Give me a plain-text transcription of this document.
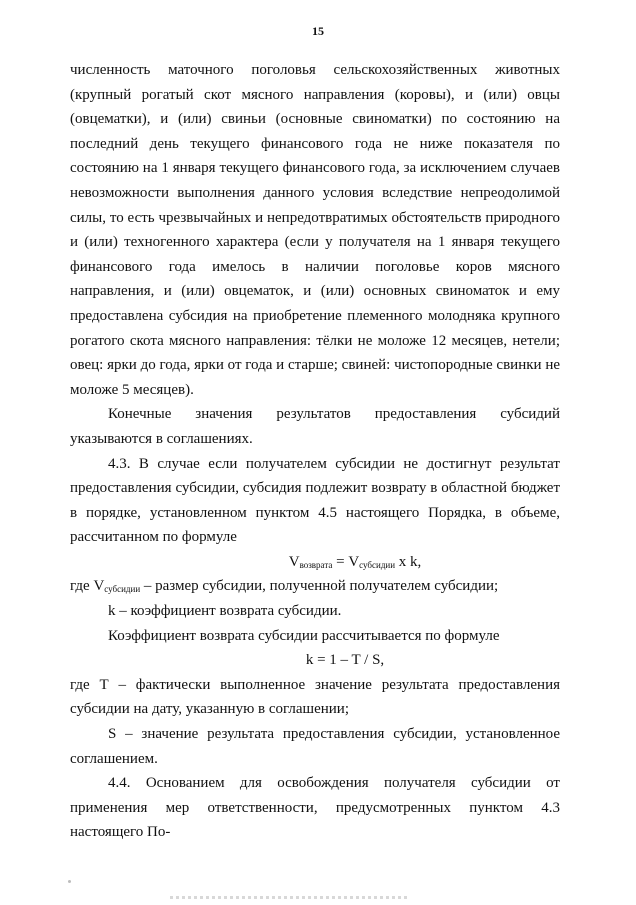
15

численность маточного поголовья сельскохозяйственных животных (крупный рогатый скот мясного направления (коровы), и (или) овцы (овцематки), и (или) свиньи (основные свиноматки) по состоянию на последний день текущего финансового года не ниже показателя по состоянию на 1 января текущего финансового года, за исключением случаев невозможности выполнения данного условия вследствие непреодолимой силы, то есть чрезвычайных и непредотвратимых обстоятельств природного и (или) техногенного характера (если у получателя на 1 января текущего финансового года имелось в наличии поголовье коров мясного направления, и (или) овцематок, и (или) основных свиноматок и ему предоставлена субсидия на приобретение племенного молодняка крупного рогатого скота мясного направления: тёлки не моложе 12 месяцев, нетели; овец: ярки до года, ярки от года и старше; свиней: чистопородные свинки не моложе 5 месяцев).

Конечные значения результатов предоставления субсидий указываются в соглашениях.

4.3. В случае если получателем субсидии не достигнут результат предоставления субсидии, субсидия подлежит возврату в областной бюджет в порядке, установленном пунктом 4.5 настоящего Порядка, в объеме, рассчитанном по формуле

$V_{возврата} = V_{субсидии}$ x k,

где $V_{субсидии}$ – размер субсидии, полученной получателем субсидии;

k – коэффициент возврата субсидии.

Коэффициент возврата субсидии рассчитывается по формуле

k = 1 – T / S,

где Т – фактически выполненное значение результата предоставления субсидии на дату, указанную в соглашении;

S – значение результата предоставления субсидии, установленное соглашением.

4.4. Основанием для освобождения получателя субсидии от применения мер ответственности, предусмотренных пунктом 4.3 настоящего По-
